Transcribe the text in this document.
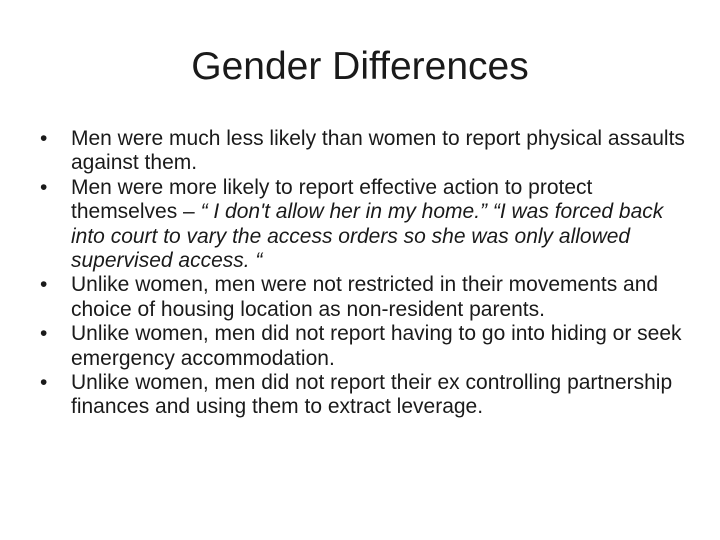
Gender Differences
•	Men were much less likely than women to report physical assaults against them.
•	Men were more likely to report effective action to protect themselves – “ I don't allow her in my home.” “I was forced back into court to vary the access orders so she was only allowed supervised access. “
•	Unlike women, men were not restricted in their movements and choice of housing location as non-resident parents.
•	Unlike women, men did not report having to go into hiding or seek emergency accommodation.
•	Unlike women, men did not report their ex controlling partnership finances and using them to extract leverage.
